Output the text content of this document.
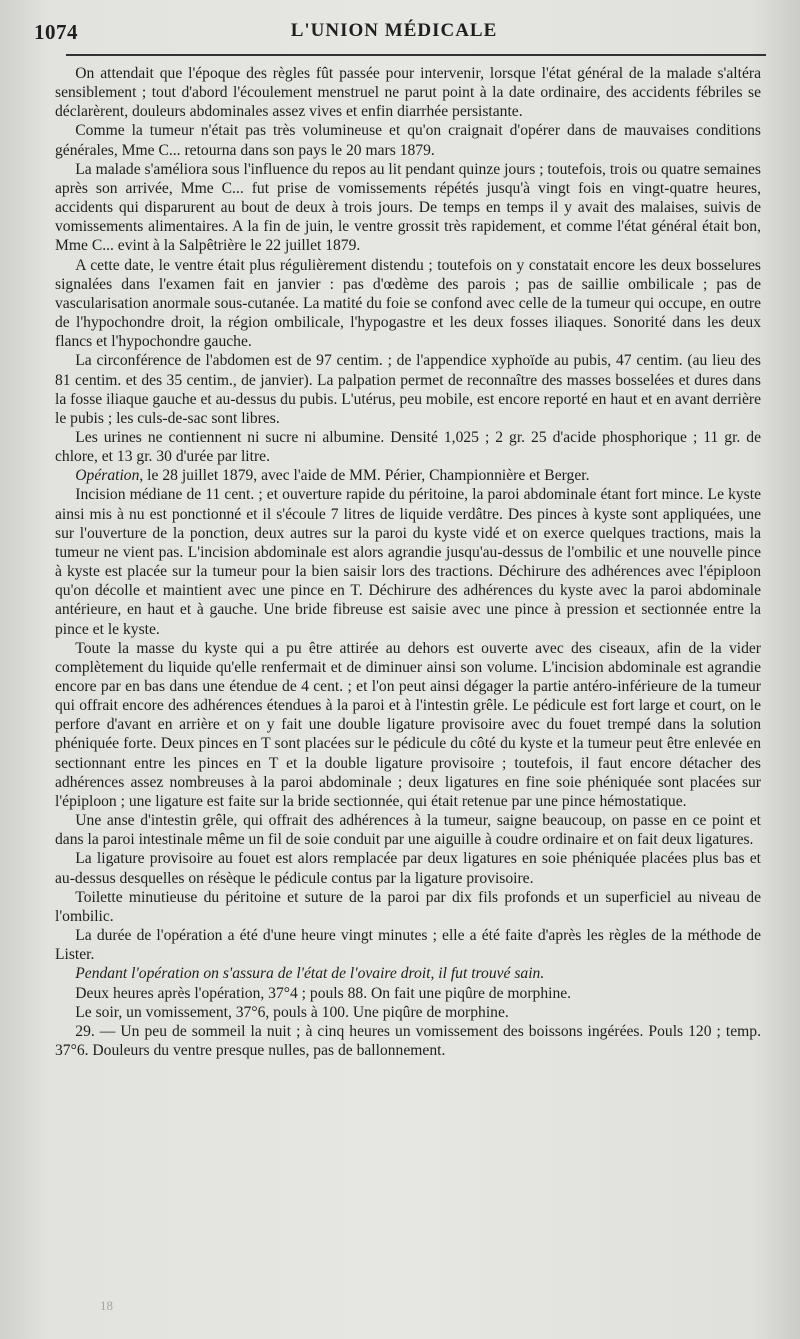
1074	L'UNION MÉDICALE

On attendait que l'époque des règles fût passée pour intervenir, lorsque l'état général de la malade s'altéra sensiblement ; tout d'abord l'écoulement menstruel ne parut point à la date ordinaire, des accidents fébriles se déclarèrent, douleurs abdominales assez vives et enfin diarrhée persistante.

Comme la tumeur n'était pas très volumineuse et qu'on craignait d'opérer dans de mauvaises conditions générales, Mme C... retourna dans son pays le 20 mars 1879.

La malade s'améliora sous l'influence du repos au lit pendant quinze jours ; toutefois, trois ou quatre semaines après son arrivée, Mme C... fut prise de vomissements répétés jusqu'à vingt fois en vingt-quatre heures, accidents qui disparurent au bout de deux à trois jours. De temps en temps il y avait des malaises, suivis de vomissements alimentaires. A la fin de juin, le ventre grossit très rapidement, et comme l'état général était bon, Mme C... evint à la Salpêtrière le 22 juillet 1879.

A cette date, le ventre était plus régulièrement distendu ; toutefois on y constatait encore les deux bosselures signalées dans l'examen fait en janvier : pas d'œdème des parois ; pas de saillie ombilicale ; pas de vascularisation anormale sous-cutanée. La matité du foie se confond avec celle de la tumeur qui occupe, en outre de l'hypochondre droit, la région ombilicale, l'hypogastre et les deux fosses iliaques. Sonorité dans les deux flancs et l'hypochondre gauche.

La circonférence de l'abdomen est de 97 centim. ; de l'appendice xyphoïde au pubis, 47 centim. (au lieu des 81 centim. et des 35 centim., de janvier). La palpation permet de reconnaître des masses bosselées et dures dans la fosse iliaque gauche et au-dessus du pubis. L'utérus, peu mobile, est encore reporté en haut et en avant derrière le pubis ; les culs-de-sac sont libres.

Les urines ne contiennent ni sucre ni albumine. Densité 1,025 ; 2 gr. 25 d'acide phosphorique ; 11 gr. de chlore, et 13 gr. 30 d'urée par litre.

Opération, le 28 juillet 1879, avec l'aide de MM. Périer, Championnière et Berger.

Incision médiane de 11 cent. ; et ouverture rapide du péritoine, la paroi abdominale étant fort mince. Le kyste ainsi mis à nu est ponctionné et il s'écoule 7 litres de liquide verdâtre. Des pinces à kyste sont appliquées, une sur l'ouverture de la ponction, deux autres sur la paroi du kyste vidé et on exerce quelques tractions, mais la tumeur ne vient pas. L'incision abdominale est alors agrandie jusqu'au-dessus de l'ombilic et une nouvelle pince à kyste est placée sur la tumeur pour la bien saisir lors des tractions. Déchirure des adhérences avec l'épiploon qu'on décolle et maintient avec une pince en T. Déchirure des adhérences du kyste avec la paroi abdominale antérieure, en haut et à gauche. Une bride fibreuse est saisie avec une pince à pression et sectionnée entre la pince et le kyste.

Toute la masse du kyste qui a pu être attirée au dehors est ouverte avec des ciseaux, afin de la vider complètement du liquide qu'elle renfermait et de diminuer ainsi son volume. L'incision abdominale est agrandie encore par en bas dans une étendue de 4 cent. ; et l'on peut ainsi dégager la partie antéro-inférieure de la tumeur qui offrait encore des adhérences étendues à la paroi et à l'intestin grêle. Le pédicule est fort large et court, on le perfore d'avant en arrière et on y fait une double ligature provisoire avec du fouet trempé dans la solution phéniquée forte. Deux pinces en T sont placées sur le pédicule du côté du kyste et la tumeur peut être enlevée en sectionnant entre les pinces en T et la double ligature provisoire ; toutefois, il faut encore détacher des adhérences assez nombreuses à la paroi abdominale ; deux ligatures en fine soie phéniquée sont placées sur l'épiploon ; une ligature est faite sur la bride sectionnée, qui était retenue par une pince hémostatique.

Une anse d'intestin grêle, qui offrait des adhérences à la tumeur, saigne beaucoup, on passe en ce point et dans la paroi intestinale même un fil de soie conduit par une aiguille à coudre ordinaire et on fait deux ligatures.

La ligature provisoire au fouet est alors remplacée par deux ligatures en soie phéniquée placées plus bas et au-dessus desquelles on résèque le pédicule contus par la ligature provisoire.

Toilette minutieuse du péritoine et suture de la paroi par dix fils profonds et un superficiel au niveau de l'ombilic.

La durée de l'opération a été d'une heure vingt minutes ; elle a été faite d'après les règles de la méthode de Lister.

Pendant l'opération on s'assura de l'état de l'ovaire droit, il fut trouvé sain.

Deux heures après l'opération, 37°4 ; pouls 88. On fait une piqûre de morphine.

Le soir, un vomissement, 37°6, pouls à 100. Une piqûre de morphine.

29. — Un peu de sommeil la nuit ; à cinq heures un vomissement des boissons ingérées. Pouls 120 ; temp. 37°6. Douleurs du ventre presque nulles, pas de ballonnement.

18
